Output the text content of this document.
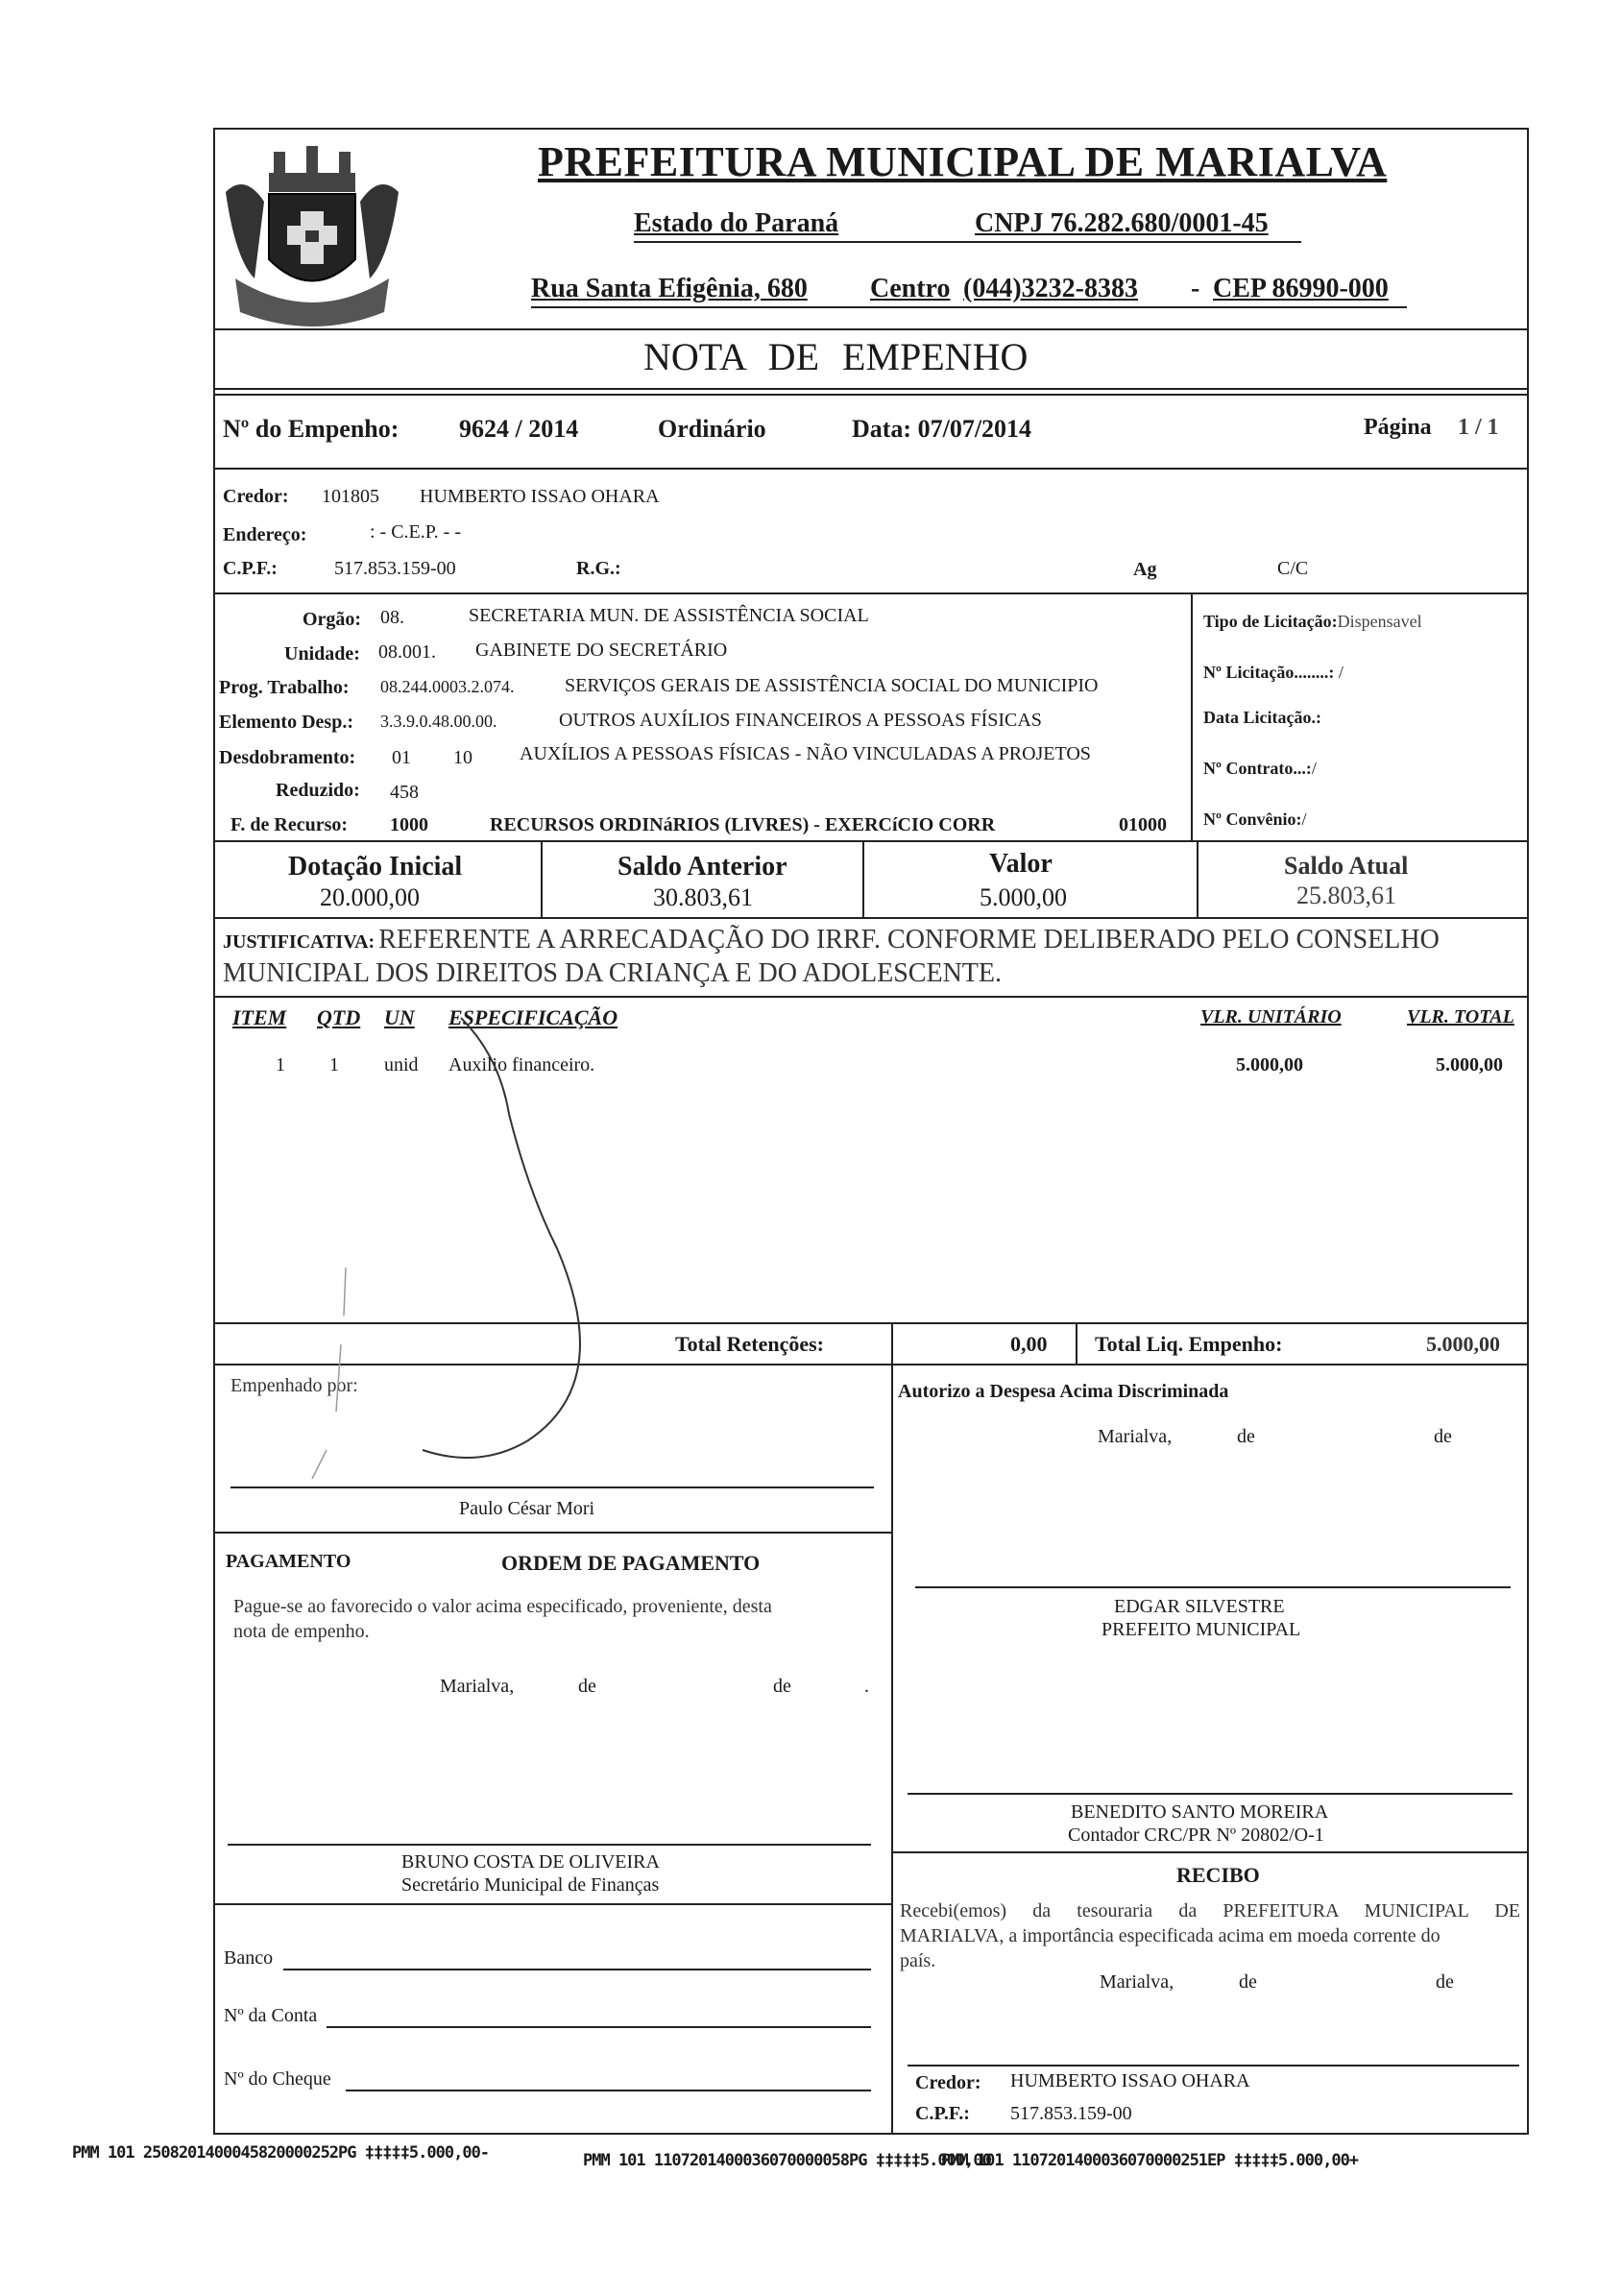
PREFEITURA MUNICIPAL DE MARIALVA
Estado do Paraná	CNPJ 76.282.680/0001-45
Rua Santa Efigênia, 680 Centro (044)3232-8383 - CEP 86990-000
NOTA DE EMPENHO
Nº do Empenho: 9624 / 2014	Ordinário	Data: 07/07/2014	Página 1 / 1
Credor: 101805 HUMBERTO ISSAO OHARA
Endereço:	: - C.E.P. - -
C.P.F.:	517.853.159-00	R.G.:	Ag	C/C
Orgão: 08.	SECRETARIA MUN. DE ASSISTÊNCIA SOCIAL
Unidade: 08.001. GABINETE DO SECRETÁRIO
Prog. Trabalho: 08.244.0003.2.074.	SERVIÇOS GERAIS DE ASSISTÊNCIA SOCIAL DO MUNICIPIO
Elemento Desp.: 3.3.9.0.48.00.00.	OUTROS AUXÍLIOS FINANCEIROS A PESSOAS FÍSICAS
Desdobramento: 01 10 AUXÍLIOS A PESSOAS FÍSICAS - NÃO VINCULADAS A PROJETOS
Reduzido: 458
F. de Recurso: 1000	RECURSOS ORDINáRIOS (LIVRES) - EXERCíCIO CORR	01000
Tipo de Licitação:Dispensavel
Nº Licitação........: /
Data Licitação.:
Nº Contrato...:/
Nº Convênio:/
Dotação Inicial
20.000,00
Saldo Anterior
30.803,61
Valor
5.000,00
Saldo Atual
25.803,61
JUSTIFICATIVA: REFERENTE A ARRECADAÇÃO DO IRRF. CONFORME DELIBERADO PELO CONSELHO
MUNICIPAL DOS DIREITOS DA CRIANÇA E DO ADOLESCENTE.
ITEM QTD UN ESPECIFICAÇÃO	VLR. UNITÁRIO	VLR. TOTAL
1 1 unid Auxilio financeiro.	5.000,00	5.000,00
Total Retenções:	0,00 Total Liq. Empenho:	5.000,00
Empenhado por:
Paulo César Mori
Autorizo a Despesa Acima Discriminada
Marialva,	de	de
EDGAR SILVESTRE
PREFEITO MUNICIPAL
BENEDITO SANTO MOREIRA
Contador CRC/PR Nº 20802/O-1
PAGAMENTO	ORDEM DE PAGAMENTO
Pague-se ao favorecido o valor acima especificado, proveniente, desta
nota de empenho.
Marialva,	de	de	.
BRUNO COSTA DE OLIVEIRA
Secretário Municipal de Finanças
Banco
Nº da Conta
Nº do Cheque
RECIBO
Recebi(emos) da tesouraria da PREFEITURA MUNICIPAL DE
MARIALVA, a importância especificada acima em moeda corrente do
país.
Marialva,	de	de
Credor: HUMBERTO ISSAO OHARA
C.P.F.: 517.853.159-00
PMM 101 2508201400045820000252PG ‡‡‡‡‡5.000,00-	PMM 101 1107201400036070000058PG ‡‡‡‡‡5.000,00
PMM 101 1107201400036070000251EP ‡‡‡‡‡5.000,00+
